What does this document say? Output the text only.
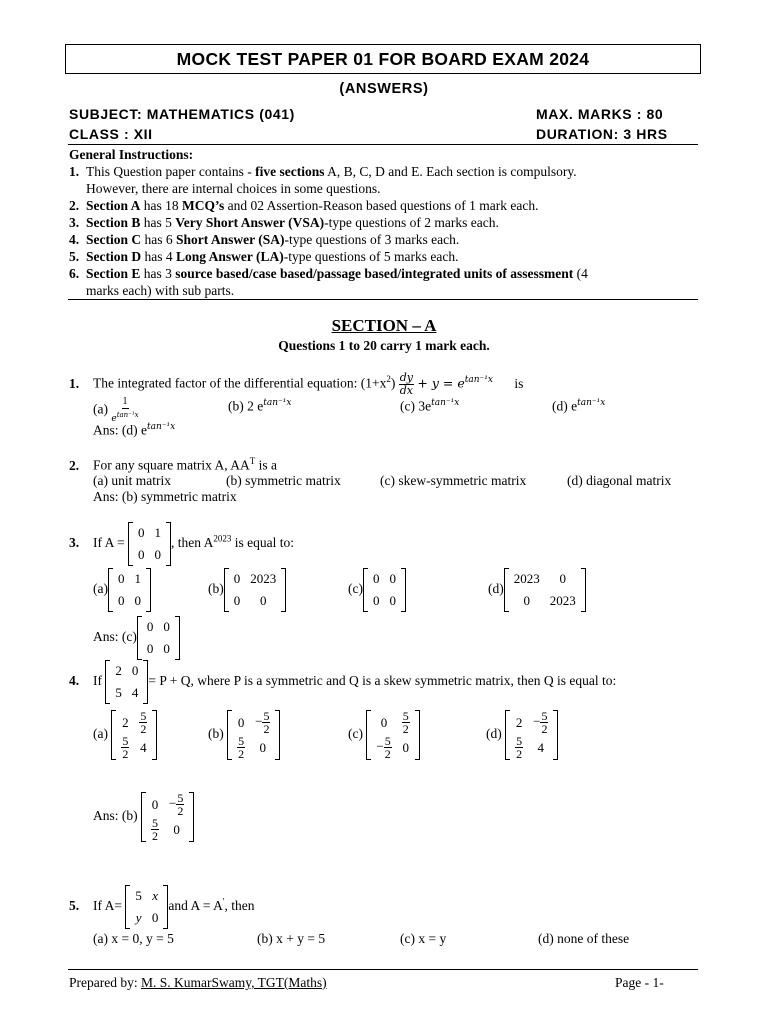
MOCK TEST PAPER 01 FOR BOARD EXAM 2024
(ANSWERS)
SUBJECT: MATHEMATICS (041)	MAX. MARKS : 80
CLASS : XII	DURATION: 3 HRS
General Instructions:
1. This Question paper contains - five sections A, B, C, D and E. Each section is compulsory.
However, there are internal choices in some questions.
2. Section A has 18 MCQ’s and 02 Assertion-Reason based questions of 1 mark each.
3. Section B has 5 Very Short Answer (VSA)-type questions of 2 marks each.
4. Section C has 6 Short Answer (SA)-type questions of 3 marks each.
5. Section D has 4 Long Answer (LA)-type questions of 5 marks each.
6. Section E has 3 source based/case based/passage based/integrated units of assessment (4
marks each) with sub parts.
SECTION – A
Questions 1 to 20 carry 1 mark each.
1. The integrated factor of the differential equation: $(1+x^2) \frac{dy}{dx} + y = e^{tan^{-1}x}$ is
$(a) \frac{1}{e^{tan^{-1}x}}$	(b) 2 $e^{tan^{-1}x}$	(c) $3e^{tan^{-1}x}$	(d) $e^{tan^{-1}x}$
Ans: (d) $e^{tan^{-1}x}$
2. For any square matrix A, $AA^T$ is a
(a) unit matrix	(b) symmetric matrix	(c) skew-symmetric matrix	(d) diagonal matrix
Ans: (b) symmetric matrix
3. If A =
0	1
0	0
, then $A^{2023}$ is equal to:
(a)
0	1
0	0
(b)
0	2023
0	0
(c)
0	0
0	0
(d)
2023	0
0	2023
Ans: (c)
0	0
0	0
4. If
2	0
5	4
= P + Q, where P is a symmetric and Q is a skew symmetric matrix, then Q is equal to:
(a)
2	$\frac{5}{2}$

$\frac{5}{2}$	4
(b)
0	− $\frac{5}{2}$

$\frac{5}{2}$	0
(c)
0	$\frac{5}{2}$

− $\frac{5}{2}$	0
(d)
2	− $\frac{5}{2}$

$\frac{5}{2}$	4
Ans: (b)
0	− $\frac{5}{2}$

$\frac{5}{2}$	0
5. If A=
5	x
y	0
and A = A', then
(a) x = 0, y = 5	(b) x + y = 5	(c) x = y	(d) none of these
Prepared by: M. S. KumarSwamy, TGT(Maths)	Page - 1-
